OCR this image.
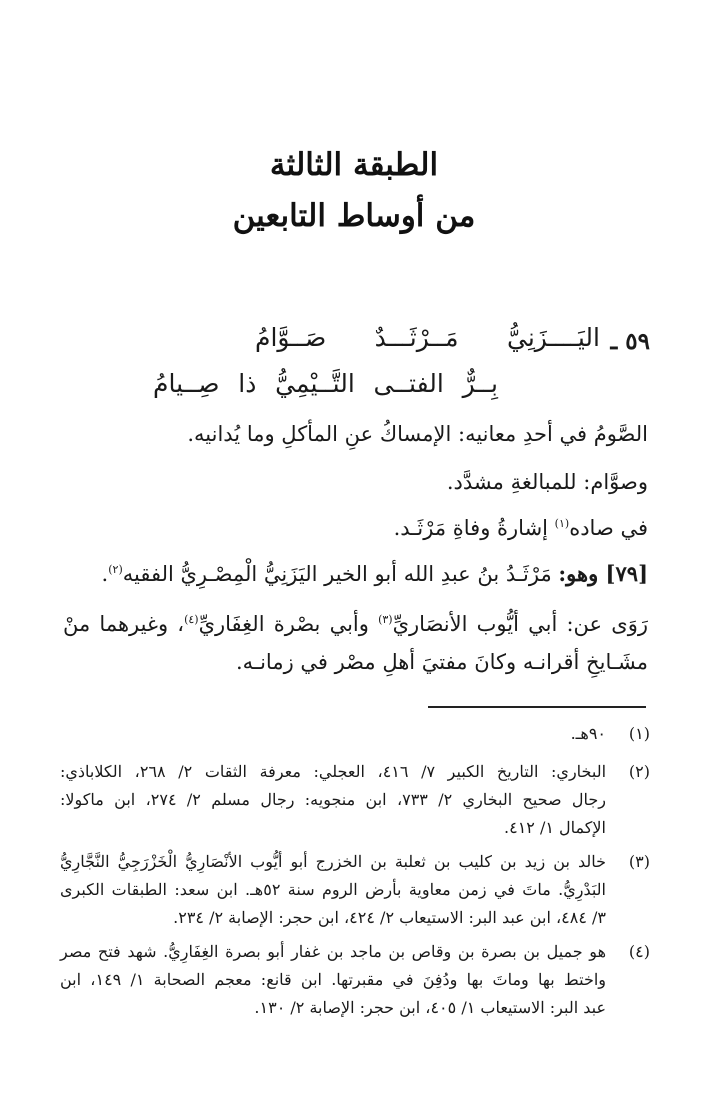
الطبقة الثالثة
من أوساط التابعين
٥٩ ـ
اليَــــزَنِيُّ مَــرْثَـــدٌ صَــوَّامُ
بِــرٌّ الفتــى التَّــيْمِيُّ ذا صِــيامُ
الصَّومُ في أحدِ معانيه: الإمساكُ عنِ المأكلِ وما يُدانيه.
وصوَّام: للمبالغةِ مشدَّد.
في صاده$^{(١)}$ إشارةُ وفاةِ مَرْثَـد.
[٧٩] وهو: مَرْثَـدُ بنُ عبدِ الله أبو الخير اليَزَنِيُّ الْمِصْـرِيُّ الفقيه$^{(٢)}$.
رَوَى عن: أبي أيُّوب الأنصَاريِّ$^{(٣)}$ وأبي بصْرة الغِفَاريِّ$^{(٤)}$، وغيرهما منْ
مشَـايخِ أقرانـه وكانَ مفتيَ أهلِ مصْر في زمانـه.
(١)
٩٠هـ.
(٢)
البخاري: التاريخ الكبير ٧/ ٤١٦، العجلي: معرفة الثقات ٢/ ٢٦٨، الكلاباذي:
رجال صحيح البخاري ٢/ ٧٣٣، ابن منجويه: رجال مسلم ٢/ ٢٧٤، ابن ماكولا:
الإكمال ١/ ٤١٢.
(٣)
خالد بن زيد بن كليب بن ثعلبة بن الخزرج أبو أيُّوب الأنْصَارِيُّ الْخَزْرَجِيُّ النَّجَّارِيُّ
البَدْرِيُّ. ماتَ في زمن معاوية بأرض الروم سنة ٥٢هـ. ابن سعد: الطبقات الكبرى
٣/ ٤٨٤، ابن عبد البر: الاستيعاب ٢/ ٤٢٤، ابن حجر: الإصابة ٢/ ٢٣٤.
(٤)
هو جميل بن بصرة بن وقاص بن ماجد بن غفار أبو بصرة الغِفَارِيُّ. شهد فتح مصر
واختط بها وماتَ بها ودُفِنَ في مقبرتها. ابن قانع: معجم الصحابة ١/ ١٤٩، ابن
عبد البر: الاستيعاب ١/ ٤٠٥، ابن حجر: الإصابة ٢/ ١٣٠.
